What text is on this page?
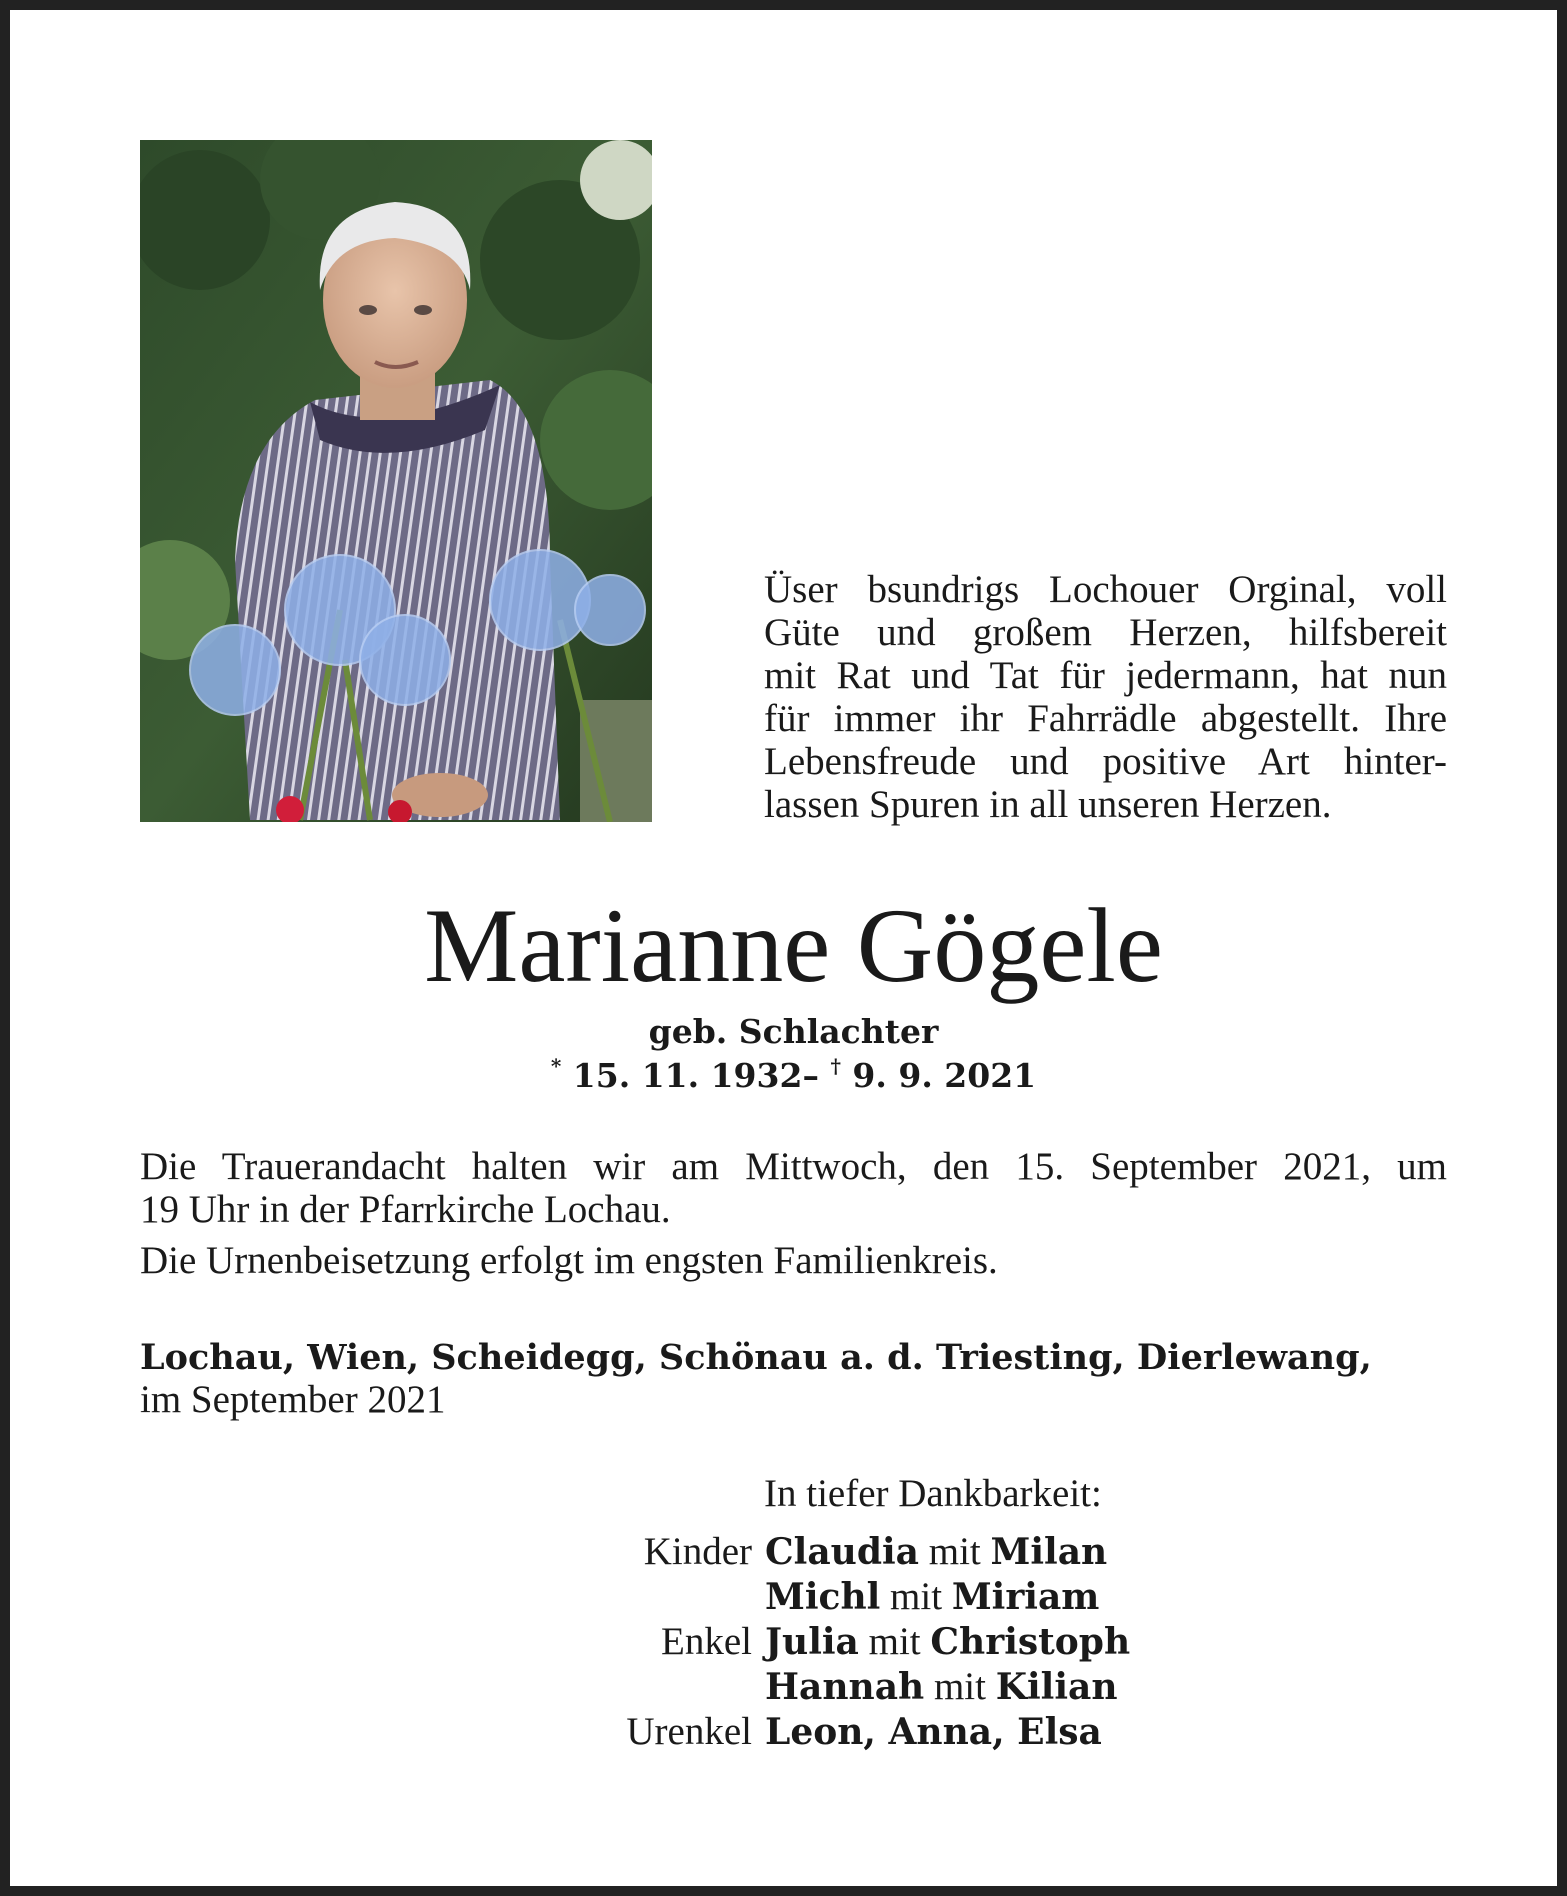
Üser bsundrigs Lochouer Orginal, voll
Güte und großem Herzen, hilfsbereit
mit Rat und Tat für jedermann, hat nun
für immer ihr Fahrrädle abgestellt. Ihre
Lebensfreude und positive Art hinter-
lassen Spuren in all unseren Herzen.
Marianne Gögele
geb. Schlachter
* 15. 11. 1932– † 9. 9. 2021

Die Trauerandacht halten wir am Mittwoch, den 15. September 2021, um
19 Uhr in der Pfarrkirche Lochau.

Die Urnenbeisetzung erfolgt im engsten Familienkreis.

Lochau, Wien, Scheidegg, Schönau a. d. Triesting, Dierlewang,
im September 2021
In tiefer Dankbarkeit:
Kinder	Claudia mit Milan
	Michl mit Miriam
Enkel	Julia mit Christoph
	Hannah mit Kilian
Urenkel	Leon, Anna, Elsa
